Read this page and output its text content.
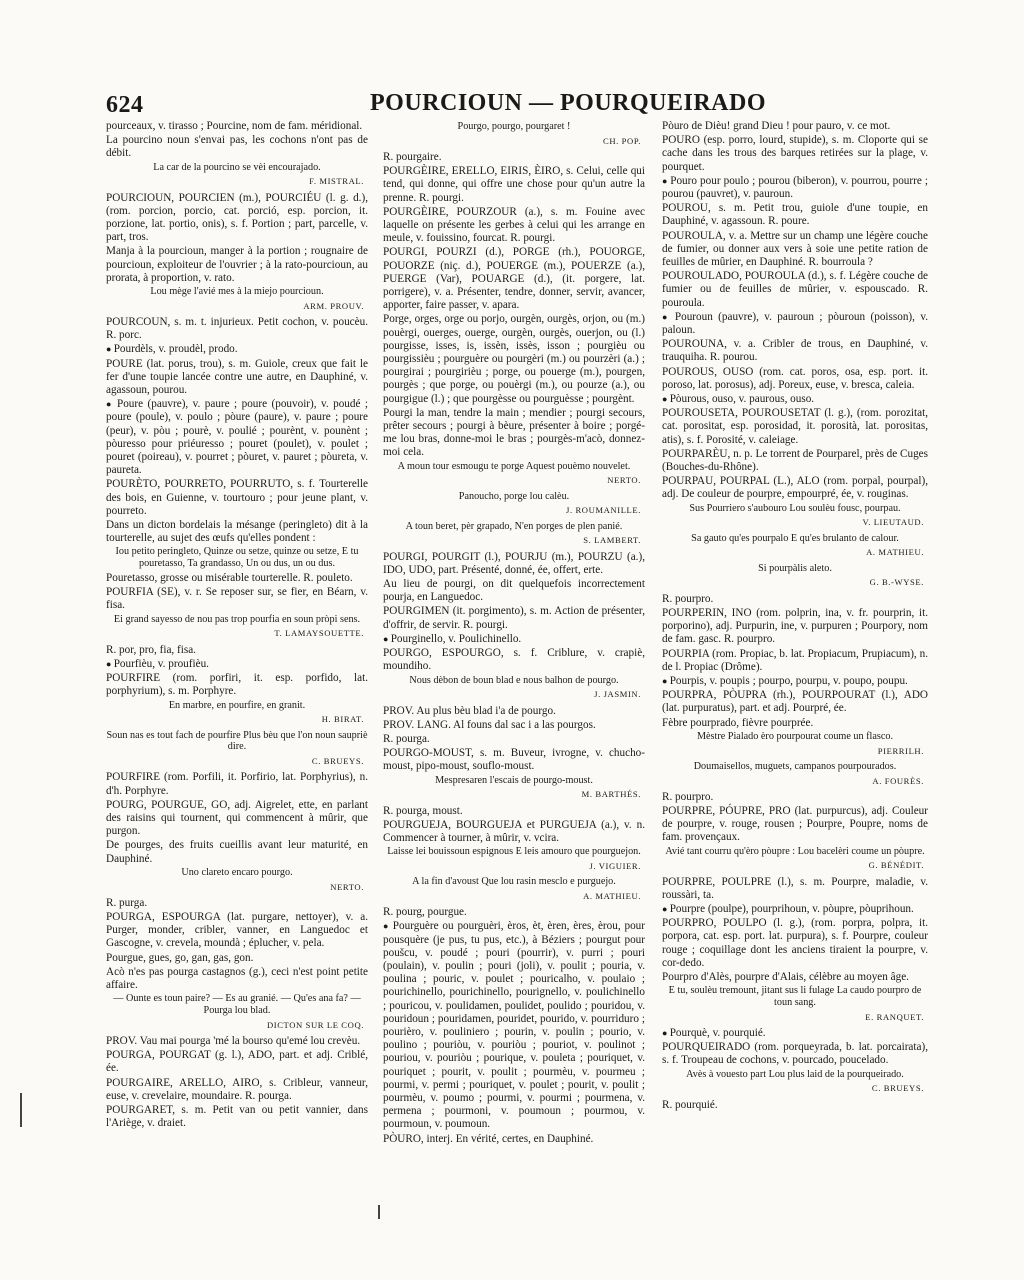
624	POURCIOUN — POURQUEIRADO

pourceaux, v. tirasso ; Pourcine, nom de fam. méridional.

La pourcino noun s'envai pas, les cochons n'ont pas de débit.

La car de la pourcino se vèi encourajado.
F. MISTRAL.

POURCIOUN, POURCIEN (m.), POURCIÉU (l. g. d.), (rom. porcion, porcio, cat. porció, esp. porcion, it. porzione, lat. portio, onis), s. f. Portion ; part, parcelle, v. part, tros.

Manja à la pourcioun, manger à la portion ; rougnaire de pourcioun, exploiteur de l'ouvrier ; à la rato-pourcioun, au prorata, à proportion, v. rato.

Lou mège l'avié mes à la miejo pourcioun.
ARM. PROUV.

POURCOUN, s. m. t. injurieux. Petit cochon, v. poucèu. R. porc.

● Pourdèls, v. proudèl, prodo.

POURE (lat. porus, trou), s. m. Guiole, creux que fait le fer d'une toupie lancée contre une autre, en Dauphiné, v. agassoun, pourou.

● Poure (pauvre), v. paure ; poure (pouvoir), v. poudé ; poure (poule), v. poulo ; pòure (paure), v. paure ; poure (peur), v. pòu ; pourè, v. poulié ; pourènt, v. pounènt ; pòuresso pour priéuresso ; pouret (poulet), v. poulet ; pouret (poireau), v. pourret ; pòuret, v. pauret ; pòureta, v. paureta.

POURÈTO, POURRETO, POURRUTO, s. f. Tourterelle des bois, en Guienne, v. tourtouro ; pour jeune plant, v. pourreto.

Dans un dicton bordelais la mésange (peringleto) dit à la tourterelle, au sujet des œufs qu'elles pondent :

Iou petito peringleto, Quinze ou setze, quinze ou setze, E tu pouretasso, Ta grandasso, Un ou dus, un ou dus.

Pouretasso, grosse ou misérable tourterelle. R. pouleto.

POURFIA (SE), v. r. Se reposer sur, se fier, en Béarn, v. fisa.

Ei grand sayesso de nou pas trop pourfia en soun pròpi sens.
T. LAMAYSOUETTE.

R. por, pro, fia, fisa.

● Pourfièu, v. proufièu.

POURFIRE (rom. porfiri, it. esp. porfido, lat. porphyrium), s. m. Porphyre.

En marbre, en pourfire, en granit.
H. BIRAT.
Soun nas es tout fach de pourfire Plus bèu que l'on noun saupriè dire.
C. BRUEYS.

POURFIRE (rom. Porfili, it. Porfirio, lat. Porphyrius), n. d'h. Porphyre.

POURG, POURGUE, GO, adj. Aigrelet, ette, en parlant des raisins qui tournent, qui commencent à mûrir, que purgon.

De pourges, des fruits cueillis avant leur maturité, en Dauphiné.

Uno clareto encaro pourgo.
NERTO.

R. purga.

POURGA, ESPOURGA (lat. purgare, nettoyer), v. a. Purger, monder, cribler, vanner, en Languedoc et Gascogne, v. crevela, moundà ; éplucher, v. pela.

Pourgue, gues, go, gan, gas, gon.

Acò n'es pas pourga castagnos (g.), ceci n'est point petite affaire.

— Ounte es toun paire? — Es au granié. — Qu'es ana fa? — Pourga lou blad.
DICTON SUR LE COQ.

PROV. Vau mai pourga 'mé la bourso qu'emé lou crevèu.

POURGA, POURGAT (g. l.), ADO, part. et adj. Criblé, ée.

POURGAIRE, ARELLO, AIRO, s. Cribleur, vanneur, euse, v. crevelaire, moundaire. R. pourga.

POURGARET, s. m. Petit van ou petit vannier, dans l'Ariège, v. draiet.

Pourgo, pourgo, pourgaret !
CH. POP.

R. pourgaire.

POURGÈIRE, ERELLO, EIRIS, ÈIRO, s. Celui, celle qui tend, qui donne, qui offre une chose pour qu'un autre la prenne. R. pourgi.

POURGÈIRE, POURZOUR (a.), s. m. Fouine avec laquelle on présente les gerbes à celui qui les arrange en meule, v. fouissino, fourcat. R. pourgi.

POURGI, POURZI (d.), PORGE (rh.), POUORGE, POUORZE (niç. d.), POUERGE (m.), POUERZE (a.), PUERGE (Var), POUARGE (d.), (it. porgere, lat. porrigere), v. a. Présenter, tendre, donner, servir, avancer, apporter, faire passer, v. apara.

Porge, orges, orge ou porjo, ourgèn, ourgès, orjon, ou (m.) pouèrgi, ouerges, ouerge, ourgèn, ourgès, ouerjon, ou (l.) pourgisse, isses, is, issèn, issès, isson ; pourgièu ou pourgissièu ; pourguère ou pourgèri (m.) ou pourzèri (a.) ; pourgirai ; pourgirièu ; porge, ou pouerge (m.), pourgen, pourgès ; que porge, ou pouèrgi (m.), ou pourze (a.), ou pourgigue (l.) ; que pourgèsse ou pourguèsse ; pourgènt.

Pourgi la man, tendre la main ; mendier ; pourgi secours, prêter secours ; pourgi à bèure, présenter à boire ; porgé-me lou bras, donne-moi le bras ; pourgès-m'acò, donnez-moi cela.

A moun tour esmougu te porge Aquest pouèmo nouvelet.
NERTO.
Panoucho, porge lou calèu.
J. ROUMANILLE.
A toun beret, pèr grapado, N'en porges de plen panié.
S. LAMBERT.

POURGI, POURGIT (l.), POURJU (m.), POURZU (a.), IDO, UDO, part. Présenté, donné, ée, offert, erte.

Au lieu de pourgi, on dit quelquefois incorrectement pourja, en Languedoc.

POURGIMEN (it. porgimento), s. m. Action de présenter, d'offrir, de servir. R. pourgi.

● Pourginello, v. Poulichinello.

POURGO, ESPOURGO, s. f. Criblure, v. crapiè, moundiho.

Nous dèbon de boun blad e nous balhon de pourgo.
J. JASMIN.

PROV. Au plus bèu blad i'a de pourgo.

PROV. LANG. Al founs dal sac i a las pourgos.

R. pourga.

POURGO-MOUST, s. m. Buveur, ivrogne, v. chucho-moust, pipo-moust, souflo-moust.

Mespresaren l'escais de pourgo-moust.
M. BARTHÉS.

R. pourga, moust.

POURGUEJA, BOURGUEJA et PURGUEJA (a.), v. n. Commencer à tourner, à mûrir, v. vcira.

Laisse lei bouissoun espignous E leis amouro que pourguejon.
J. VIGUIER.
A la fin d'avoust Que lou rasin mesclo e purguejo.
A. MATHIEU.

R. pourg, pourgue.

● Pourguère ou pourguèri, èros, èt, èren, ères, èrou, pour pousquère (je pus, tu pus, etc.), à Béziers ; pourgut pour poušcu, v. poudé ; pouri (pourrir), v. purri ; pouri (poulain), v. poulin ; pouri (joli), v. poulit ; pouria, v. poulina ; pouric, v. poulet ; pouricalho, v. poulaio ; pourichinello, pourichinello, pourignello, v. poulichinello ; pouricou, v. poulidamen, poulidet, poulido ; pouridou, v. pouridoun ; pouridamen, pouridet, pourido, v. pourriduro ; pourièro, v. pouliniero ; pourin, v. poulin ; pourio, v. poulino ; pouriòu, v. pouriòu ; pouriot, v. poulinot ; pouriou, v. pouriòu ; pourique, v. pouleta ; pouriquet, v. pouriquet ; pourit, v. poulit ; pourmèu, v. pourmeu ; pourmi, v. permi ; pouriquet, v. poulet ; pourit, v. poulit ; pourmèu, v. poumo ; pourmi, v. pourmi ; pourmena, v. permena ; pourmoni, v. poumoun ; pourmou, v. pourmoun, v. poumoun.

PÒURO, interj. En vérité, certes, en Dauphiné.

Pòuro de Dièu! grand Dieu ! pour pauro, v. ce mot.

POURO (esp. porro, lourd, stupide), s. m. Cloporte qui se cache dans les trous des barques retirées sur la plage, v. pourquet.

● Pouro pour poulo ; pourou (biberon), v. pourrou, pourre ; pourou (pauvret), v. pauroun.

POUROU, s. m. Petit trou, guiole d'une toupie, en Dauphiné, v. agassoun. R. poure.

POUROULA, v. a. Mettre sur un champ une légère couche de fumier, ou donner aux vers à soie une petite ration de feuilles de mûrier, en Dauphiné. R. bourroula ?

POUROULADO, POUROULA (d.), s. f. Légère couche de fumier ou de feuilles de mûrier, v. espouscado. R. pouroula.

● Pouroun (pauvre), v. pauroun ; pòuroun (poisson), v. paloun.

POUROUNA, v. a. Cribler de trous, en Dauphiné, v. trauquiha. R. pourou.

POUROUS, OUSO (rom. cat. poros, osa, esp. port. it. poroso, lat. porosus), adj. Poreux, euse, v. bresca, caleia.

● Pòurous, ouso, v. paurous, ouso.

POUROUSETA, POUROUSETAT (l. g.), (rom. porozitat, cat. porositat, esp. porosidad, it. porosità, lat. porositas, atis), s. f. Porosité, v. caleiage.

POURPARÈU, n. p. Le torrent de Pourparel, près de Cuges (Bouches-du-Rhône).

POURPAU, POURPAL (L.), ALO (rom. porpal, pourpal), adj. De couleur de pourpre, empourpré, ée, v. rouginas.

Sus Pourriero s'aubouro Lou soulèu fousc, pourpau.
V. LIEUTAUD.
Sa gauto qu'es pourpalo E qu'es brulanto de calour.
A. MATHIEU.
Si pourpàlis aleto.
G. B.-WYSE.

R. pourpro.

POURPERIN, INO (rom. polprin, ina, v. fr. pourprin, it. porporino), adj. Purpurin, ine, v. purpuren ; Pourpory, nom de fam. gasc. R. pourpro.

POURPIA (rom. Propiac, b. lat. Propiacum, Prupiacum), n. de l. Propiac (Drôme).

● Pourpis, v. poupis ; pourpo, pourpu, v. poupo, poupu.

POURPRA, PÒUPRA (rh.), POURPOURAT (l.), ADO (lat. purpuratus), part. et adj. Pourpré, ée.

Fèbre pourprado, fièvre pourprée.

Mèstre Pialado èro pourpourat coume un flasco.
PIERRILH.
Doumaisellos, muguets, campanos pourpourados.
A. FOURÈS.

R. pourpro.

POURPRE, PÓUPRE, PRO (lat. purpurcus), adj. Couleur de pourpre, v. rouge, rousen ; Pourpre, Poupre, noms de fam. provençaux.

Avié tant courru qu'èro pòupre : Lou bacelèri coume un pòupre.
G. BÉNÉDIT.

POURPRE, POULPRE (l.), s. m. Pourpre, maladie, v. roussàri, ta.

● Pourpre (poulpe), pourprihoun, v. pòupre, pòuprihoun.

POURPRO, POULPO (l. g.), (rom. porpra, polpra, it. porpora, cat. esp. port. lat. purpura), s. f. Pourpre, couleur rouge ; coquillage dont les anciens tiraient la pourpre, v. cor-dedo.

Pourpro d'Alès, pourpre d'Alais, célèbre au moyen âge.

E tu, soulèu tremount, jitant sus li fulage La caudo pourpro de toun sang.
E. RANQUET.

● Pourquè, v. pourquié.

POURQUEIRADO (rom. porqueyrada, b. lat. porcairata), s. f. Troupeau de cochons, v. pourcado, pouceladо.

Avès à vouesto part Lou plus laid de la pourqueirado.
C. BRUEYS.

R. pourquié.
